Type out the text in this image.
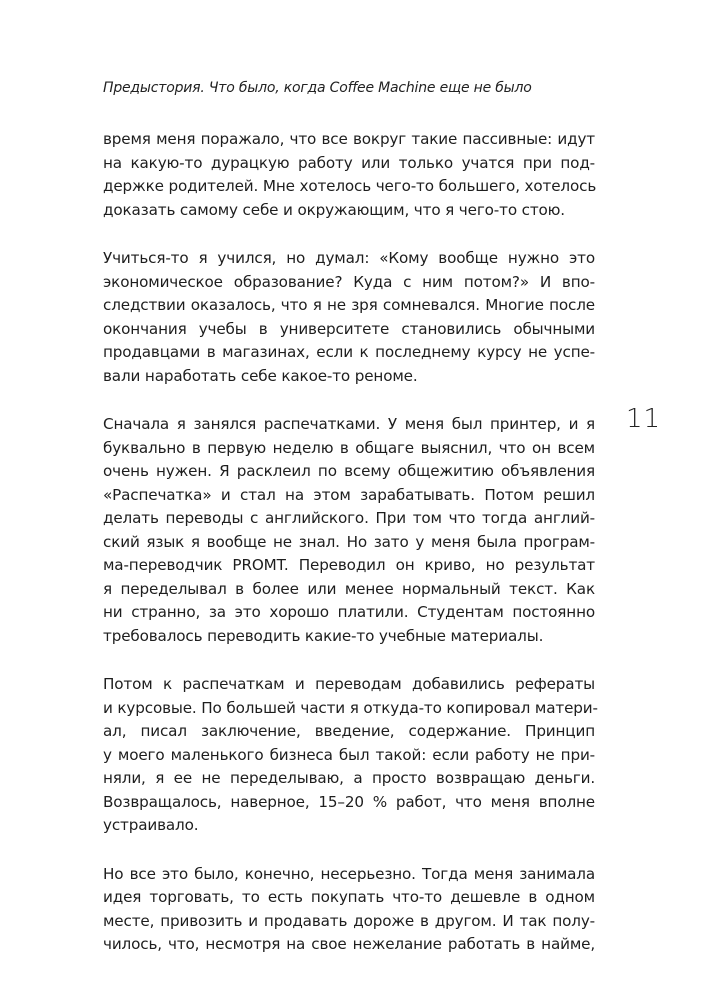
Предыстория. Что было, когда Coffee Machine еще не было
11
время меня поражало, что все вокруг такие пассивные: идут
на какую-то дурацкую работу или только учатся при под-
держке родителей. Мне хотелось чего-то большего, хотелось
доказать самому себе и окружающим, что я чего-то стою.
Учиться-то я учился, но думал: «Кому вообще нужно это
экономическое образование? Куда с ним потом?» И впо-
следствии оказалось, что я не зря сомневался. Многие после
окончания учебы в университете становились обычными
продавцами в магазинах, если к последнему курсу не успе-
вали наработать себе какое-то реноме.
Сначала я занялся распечатками. У меня был принтер, и я
буквально в первую неделю в общаге выяснил, что он всем
очень нужен. Я расклеил по всему общежитию объявления
«Распечатка» и стал на этом зарабатывать. Потом решил
делать переводы с английского. При том что тогда англий-
ский язык я вообще не знал. Но зато у меня была програм-
ма-переводчик PROMT. Переводил он криво, но результат
я переделывал в более или менее нормальный текст. Как
ни странно, за это хорошо платили. Студентам постоянно
требовалось переводить какие-то учебные материалы.
Потом к распечаткам и переводам добавились рефераты
и курсовые. По большей части я откуда-то копировал матери-
ал, писал заключение, введение, содержание. Принцип
у моего маленького бизнеса был такой: если работу не при-
няли, я ее не переделываю, а просто возвращаю деньги.
Возвращалось, наверное, 15–20 % работ, что меня вполне
устраивало.
Но все это было, конечно, несерьезно. Тогда меня занимала
идея торговать, то есть покупать что-то дешевле в одном
месте, привозить и продавать дороже в другом. И так полу-
чилось, что, несмотря на свое нежелание работать в найме,
